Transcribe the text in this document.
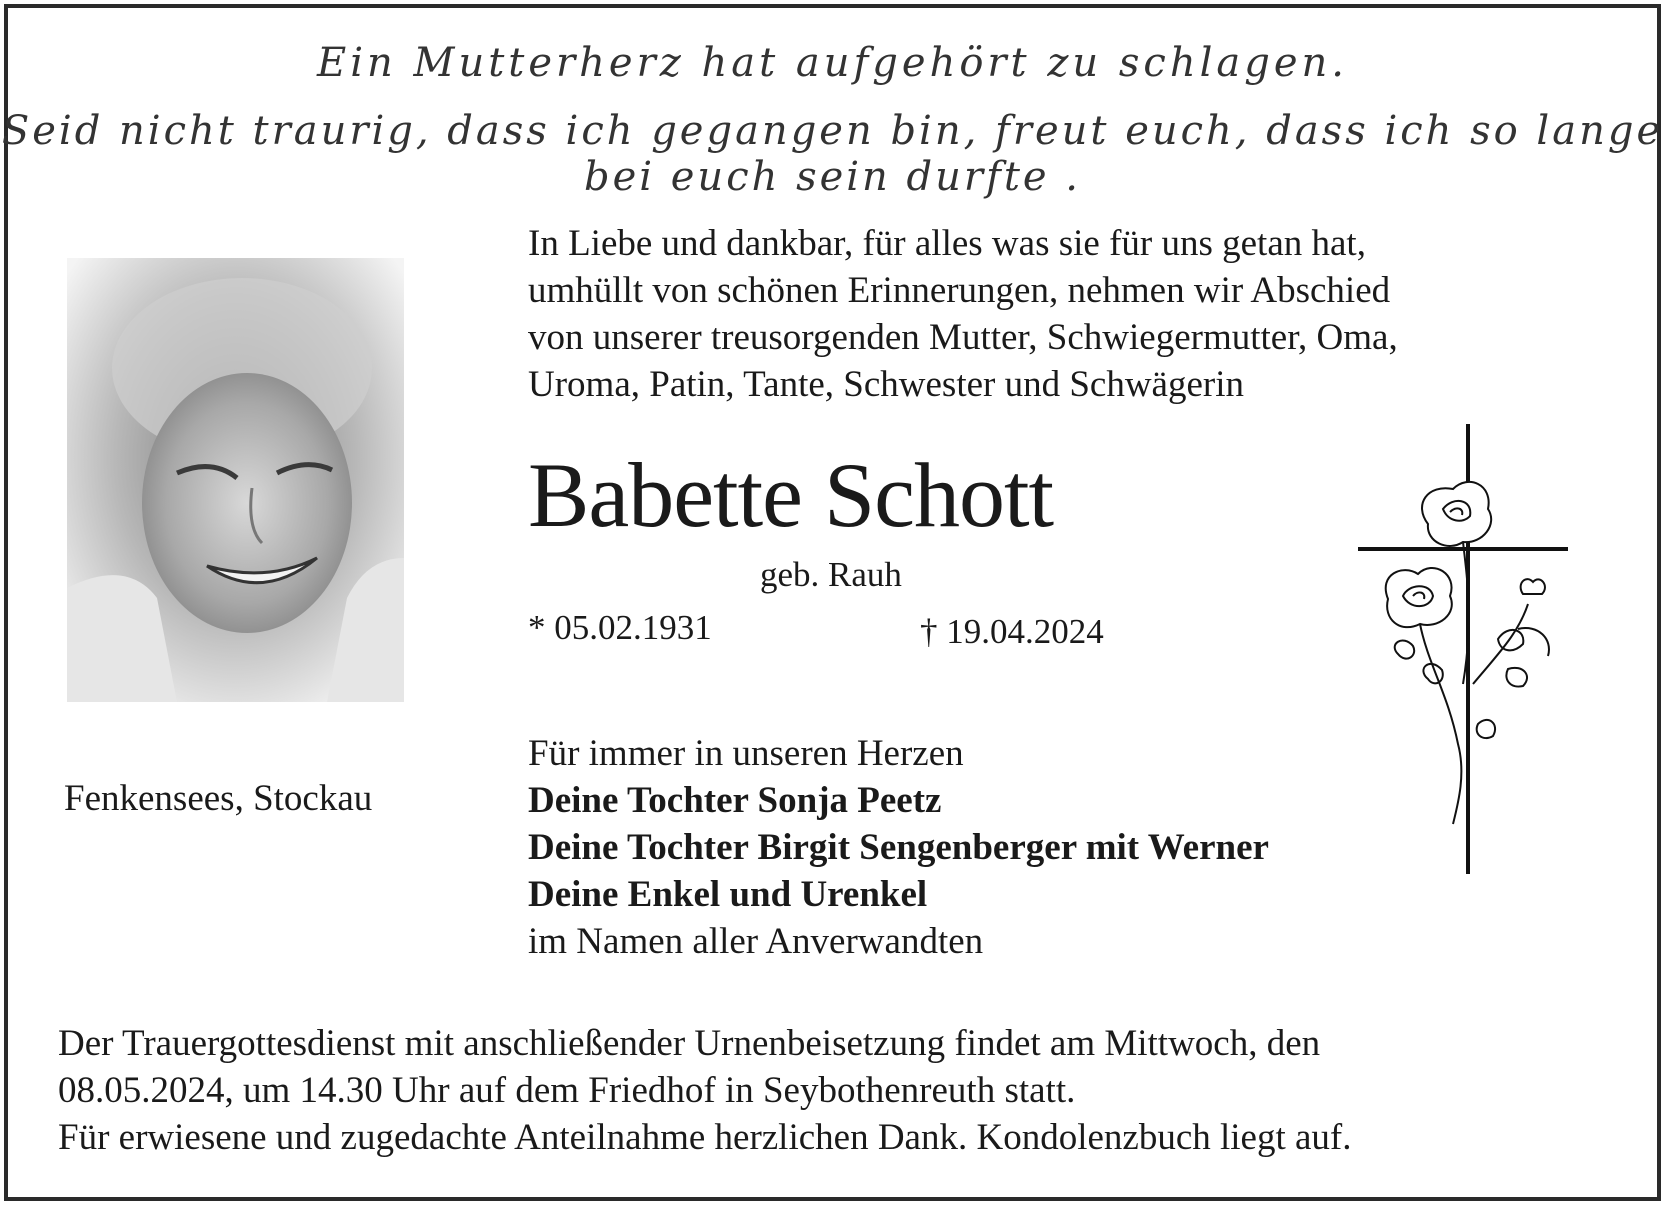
Ein Mutterherz hat aufgehört zu schlagen.
Seid nicht traurig, dass ich gegangen bin, freut euch, dass ich so lange bei euch sein durfte .
Fenkensees, Stockau
In Liebe und dankbar, für alles was sie für uns getan hat,
umhüllt von schönen Erinnerungen, nehmen wir Abschied
von unserer treusorgenden Mutter, Schwiegermutter, Oma,
Uroma, Patin, Tante, Schwester und Schwägerin
Babette Schott
geb. Rauh
* 05.02.1931	† 19.04.2024
Für immer in unseren Herzen
Deine Tochter Sonja Peetz
Deine Tochter Birgit Sengenberger mit Werner
Deine Enkel und Urenkel
im Namen aller Anverwandten
Der Trauergottesdienst mit anschließender Urnenbeisetzung findet am Mittwoch, den
08.05.2024, um 14.30 Uhr auf dem Friedhof in Seybothenreuth statt.
Für erwiesene und zugedachte Anteilnahme herzlichen Dank. Kondolenzbuch liegt auf.
